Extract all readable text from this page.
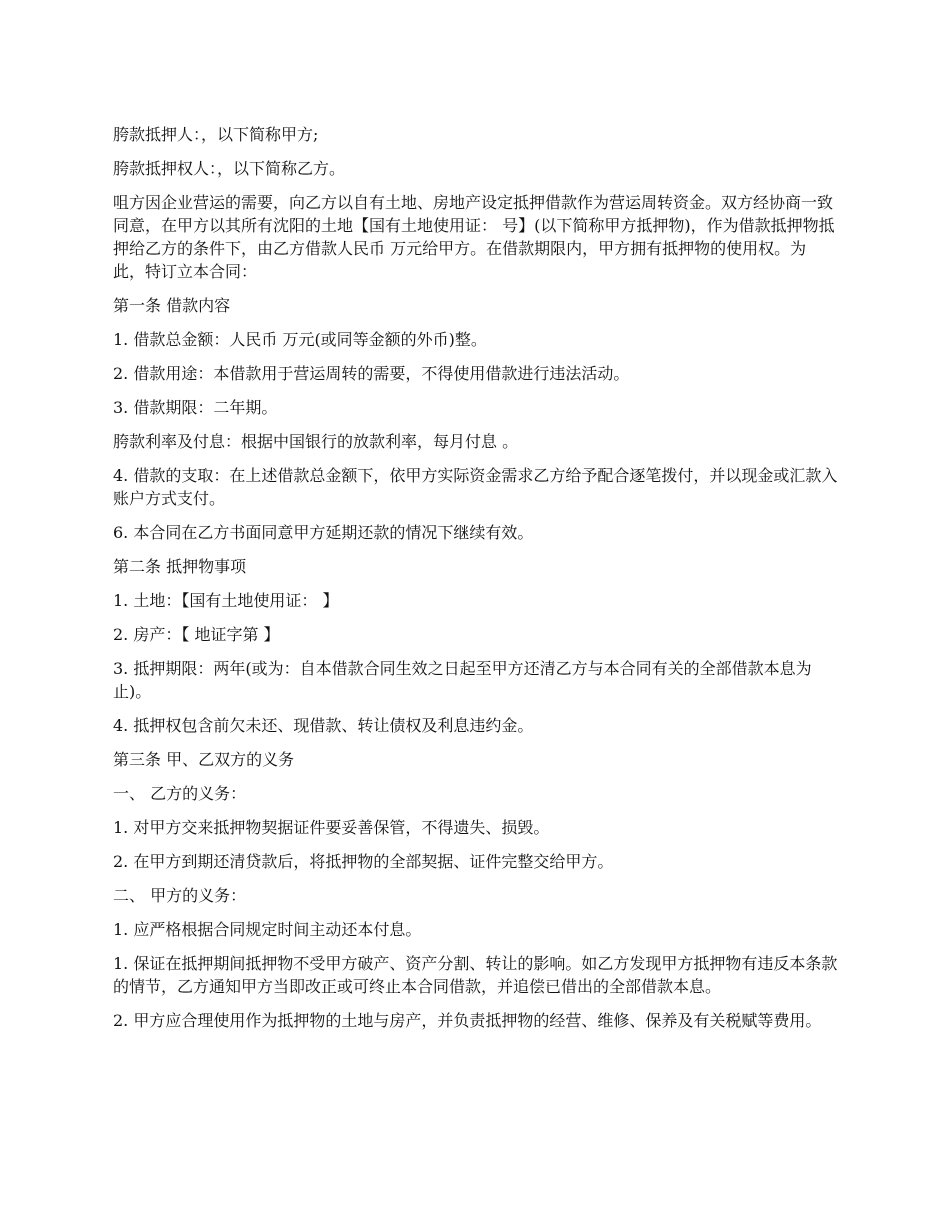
胯款抵押人：，以下简称甲方;

胯款抵押权人：，以下简称乙方。

咀方因企业营运的需要，向乙方以自有土地、房地产设定抵押借款作为营运周转资金。双方经协商一致同意，在甲方以其所有沈阳的土地【国有土地使用证： 号】(以下简称甲方抵押物)，作为借款抵押物抵押给乙方的条件下，由乙方借款人民币 万元给甲方。在借款期限内，甲方拥有抵押物的使用权。为此，特订立本合同：

第一条 借款内容

1. 借款总金额：人民币 万元(或同等金额的外币)整。

2. 借款用途：本借款用于营运周转的需要，不得使用借款进行违法活动。

3. 借款期限：二年期。

胯款利率及付息：根据中国银行的放款利率，每月付息 。

4. 借款的支取：在上述借款总金额下，依甲方实际资金需求乙方给予配合逐笔拨付，并以现金或汇款入账户方式支付。

6. 本合同在乙方书面同意甲方延期还款的情况下继续有效。

第二条 抵押物事项

1. 土地：【国有土地使用证： 】

2. 房产：【 地证字第 】

3. 抵押期限：两年(或为：自本借款合同生效之日起至甲方还清乙方与本合同有关的全部借款本息为止)。

4. 抵押权包含前欠未还、现借款、转让债权及利息违约金。

第三条 甲、乙双方的义务

一、 乙方的义务：

1. 对甲方交来抵押物契据证件要妥善保管，不得遗失、损毁。

2. 在甲方到期还清贷款后，将抵押物的全部契据、证件完整交给甲方。

二、 甲方的义务：

1. 应严格根据合同规定时间主动还本付息。

1. 保证在抵押期间抵押物不受甲方破产、资产分割、转让的影响。如乙方发现甲方抵押物有违反本条款的情节，乙方通知甲方当即改正或可终止本合同借款，并追偿已借出的全部借款本息。

2. 甲方应合理使用作为抵押物的土地与房产，并负责抵押物的经营、维修、保养及有关税赋等费用。
